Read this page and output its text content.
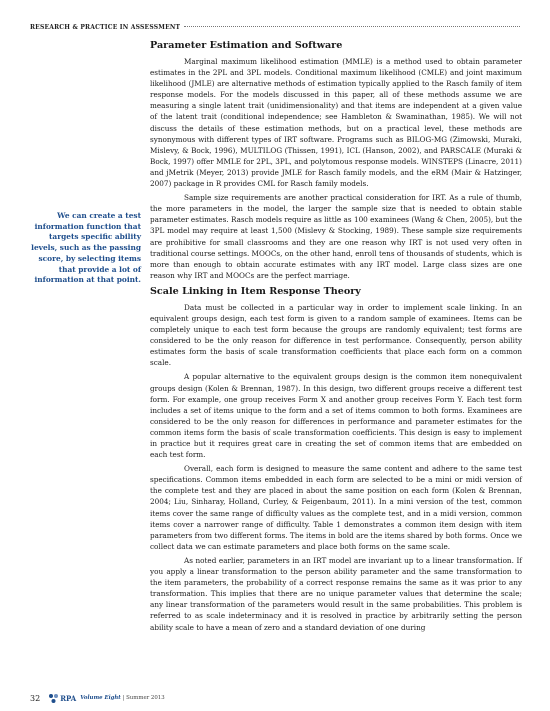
RESEARCH & PRACTICE IN ASSESSMENT
We can create a test information function that targets specific ability levels, such as the passing score, by selecting items that provide a lot of information at that point.
Parameter Estimation and Software

Marginal maximum likelihood estimation (MMLE) is a method used to obtain parameter estimates in the 2PL and 3PL models. Conditional maximum likelihood (CMLE) and joint maximum likelihood (JMLE) are alternative methods of estimation typically applied to the Rasch family of item response models. For the models discussed in this paper, all of these methods assume we are measuring a single latent trait (unidimensionality) and that items are independent at a given value of the latent trait (conditional independence; see Hambleton & Swaminathan, 1985). We will not discuss the details of these estimation methods, but on a practical level, these methods are synonymous with different types of IRT software. Programs such as BILOG-MG (Zimowski, Muraki, Mislevy, & Bock, 1996), MULTILOG (Thissen, 1991), ICL (Hanson, 2002), and PARSCALE (Muraki & Bock, 1997) offer MMLE for 2PL, 3PL, and polytomous response models. WINSTEPS (Linacre, 2011) and jMetrik (Meyer, 2013) provide JMLE for Rasch family models, and the eRM (Mair & Hatzinger, 2007) package in R provides CML for Rasch family models.

Sample size requirements are another practical consideration for IRT. As a rule of thumb, the more parameters in the model, the larger the sample size that is needed to obtain stable parameter estimates. Rasch models require as little as 100 examinees (Wang & Chen, 2005), but the 3PL model may require at least 1,500 (Mislevy & Stocking, 1989). These sample size requirements are prohibitive for small classrooms and they are one reason why IRT is not used very often in traditional course settings. MOOCs, on the other hand, enroll tens of thousands of students, which is more than enough to obtain accurate estimates with any IRT model. Large class sizes are one reason why IRT and MOOCs are the perfect marriage.

Scale Linking in Item Response Theory

Data must be collected in a particular way in order to implement scale linking. In an equivalent groups design, each test form is given to a random sample of examinees. Items can be completely unique to each test form because the groups are randomly equivalent; test forms are considered to be the only reason for difference in test performance. Consequently, person ability estimates form the basis of scale transformation coefficients that place each form on a common scale.

A popular alternative to the equivalent groups design is the common item nonequivalent groups design (Kolen & Brennan, 1987). In this design, two different groups receive a different test form. For example, one group receives Form X and another group receives Form Y. Each test form includes a set of items unique to the form and a set of items common to both forms. Examinees are considered to be the only reason for differences in performance and parameter estimates for the common items form the basis of scale transformation coefficients. This design is easy to implement in practice but it requires great care in creating the set of common items that are embedded on each test form.

Overall, each form is designed to measure the same content and adhere to the same test specifications. Common items embedded in each form are selected to be a mini or midi version of the complete test and they are placed in about the same position on each form (Kolen & Brennan, 2004; Liu, Sinharay, Holland, Curley, & Feigenbaum, 2011). In a mini version of the test, common items cover the same range of difficulty values as the complete test, and in a midi version, common items cover a narrower range of difficulty. Table 1 demonstrates a common item design with item parameters from two different forms. The items in bold are the items shared by both forms. Once we collect data we can estimate parameters and place both forms on the same scale.

As noted earlier, parameters in an IRT model are invariant up to a linear transformation. If you apply a linear transformation to the person ability parameter and the same transformation to the item parameters, the probability of a correct response remains the same as it was prior to any transformation. This implies that there are no unique parameter values that determine the scale; any linear transformation of the parameters would result in the same probabilities. This problem is referred to as scale indeterminacy and it is resolved in practice by arbitrarily setting the person ability scale to have a mean of zero and a standard deviation of one during

32	RPA Volume Eight | Summer 2013
